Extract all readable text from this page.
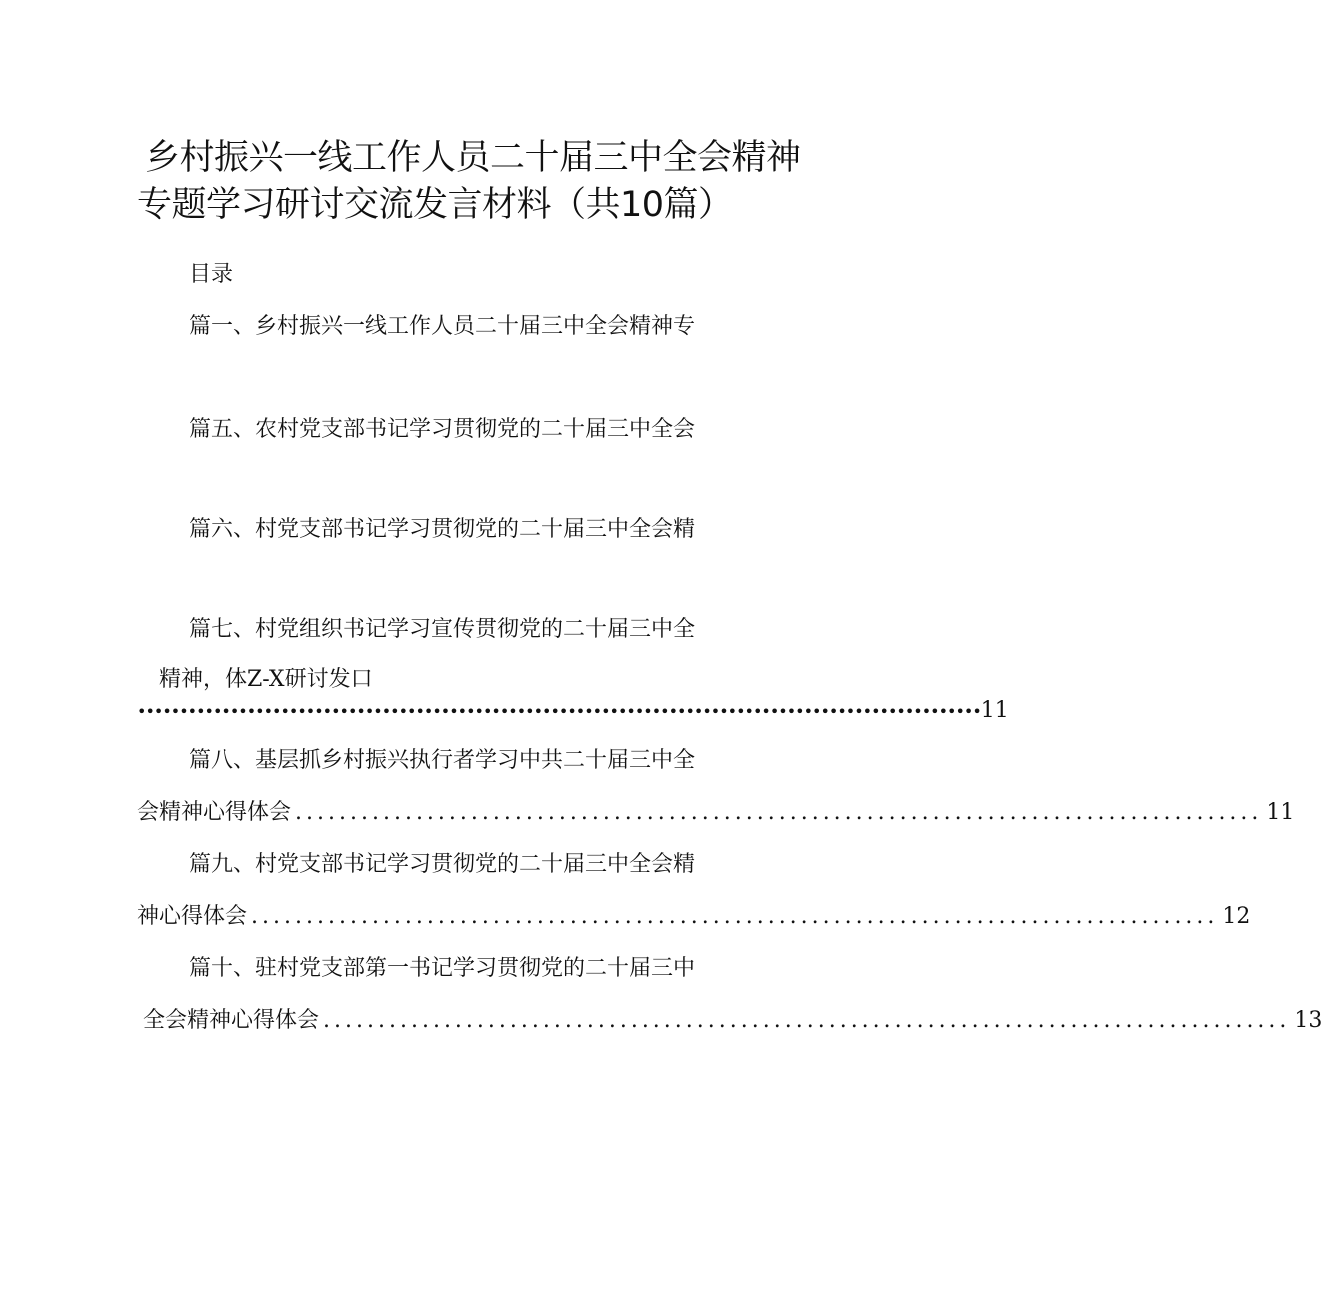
乡村振兴一线工作人员二十届三中全会精神
专题学习研讨交流发言材料（共10篇）
目录
篇一、乡村振兴一线工作人员二十届三中全会精神专
篇五、农村党支部书记学习贯彻党的二十届三中全会
篇六、村党支部书记学习贯彻党的二十届三中全会精
篇七、村党组织书记学习宣传贯彻党的二十届三中全
精神，体Z-X研讨发口
•••••••••••••••••••••••••••••••••••••••••••••••••••••••••••••••••••••••••••••••••••••••••••••••••••• 11
篇八、基层抓乡村振兴执行者学习中共二十届三中全
会精神心得体会 ........................................................................................ 11
篇九、村党支部书记学习贯彻党的二十届三中全会精
神心得体会 ........................................................................................ 12
篇十、驻村党支部第一书记学习贯彻党的二十届三中
全会精神心得体会 ........................................................................................ 13
